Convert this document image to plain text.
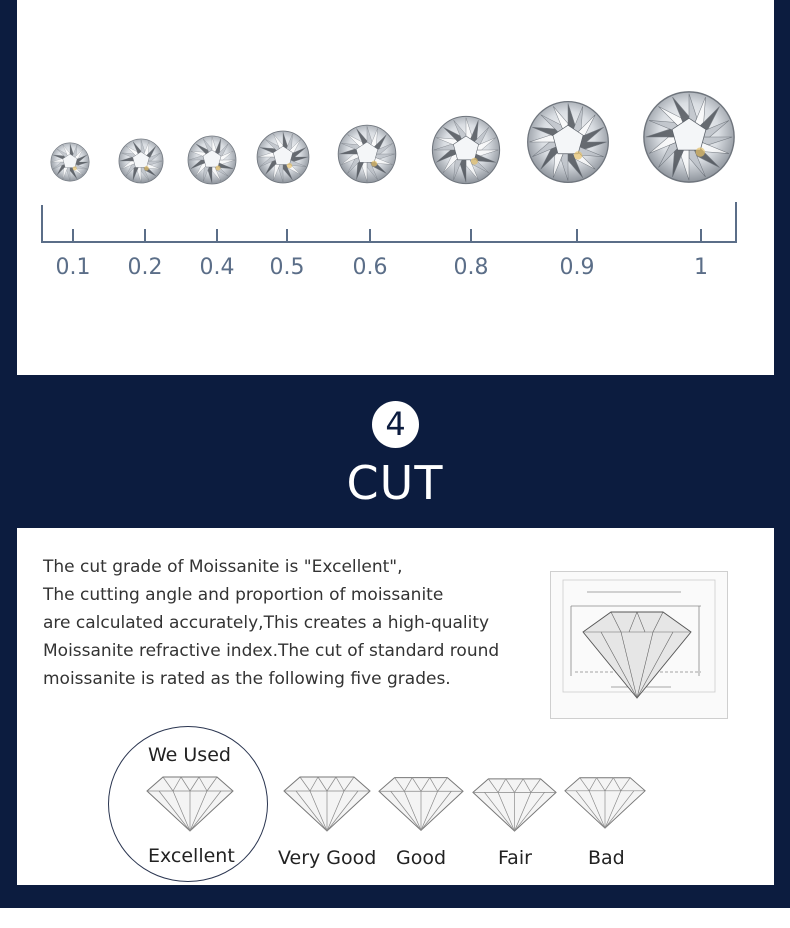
0.1	0.2	0.4	0.5	0.6	0.8	0.9	1
4
CUT
The cut grade of Moissanite is "Excellent",
The cutting angle and proportion of moissanite
are calculated accurately,This creates a high-quality
Moissanite refractive index.The cut of standard round
moissanite is rated as the following five grades.
Excellent Very Good Good	Fair	Bad
We Used
